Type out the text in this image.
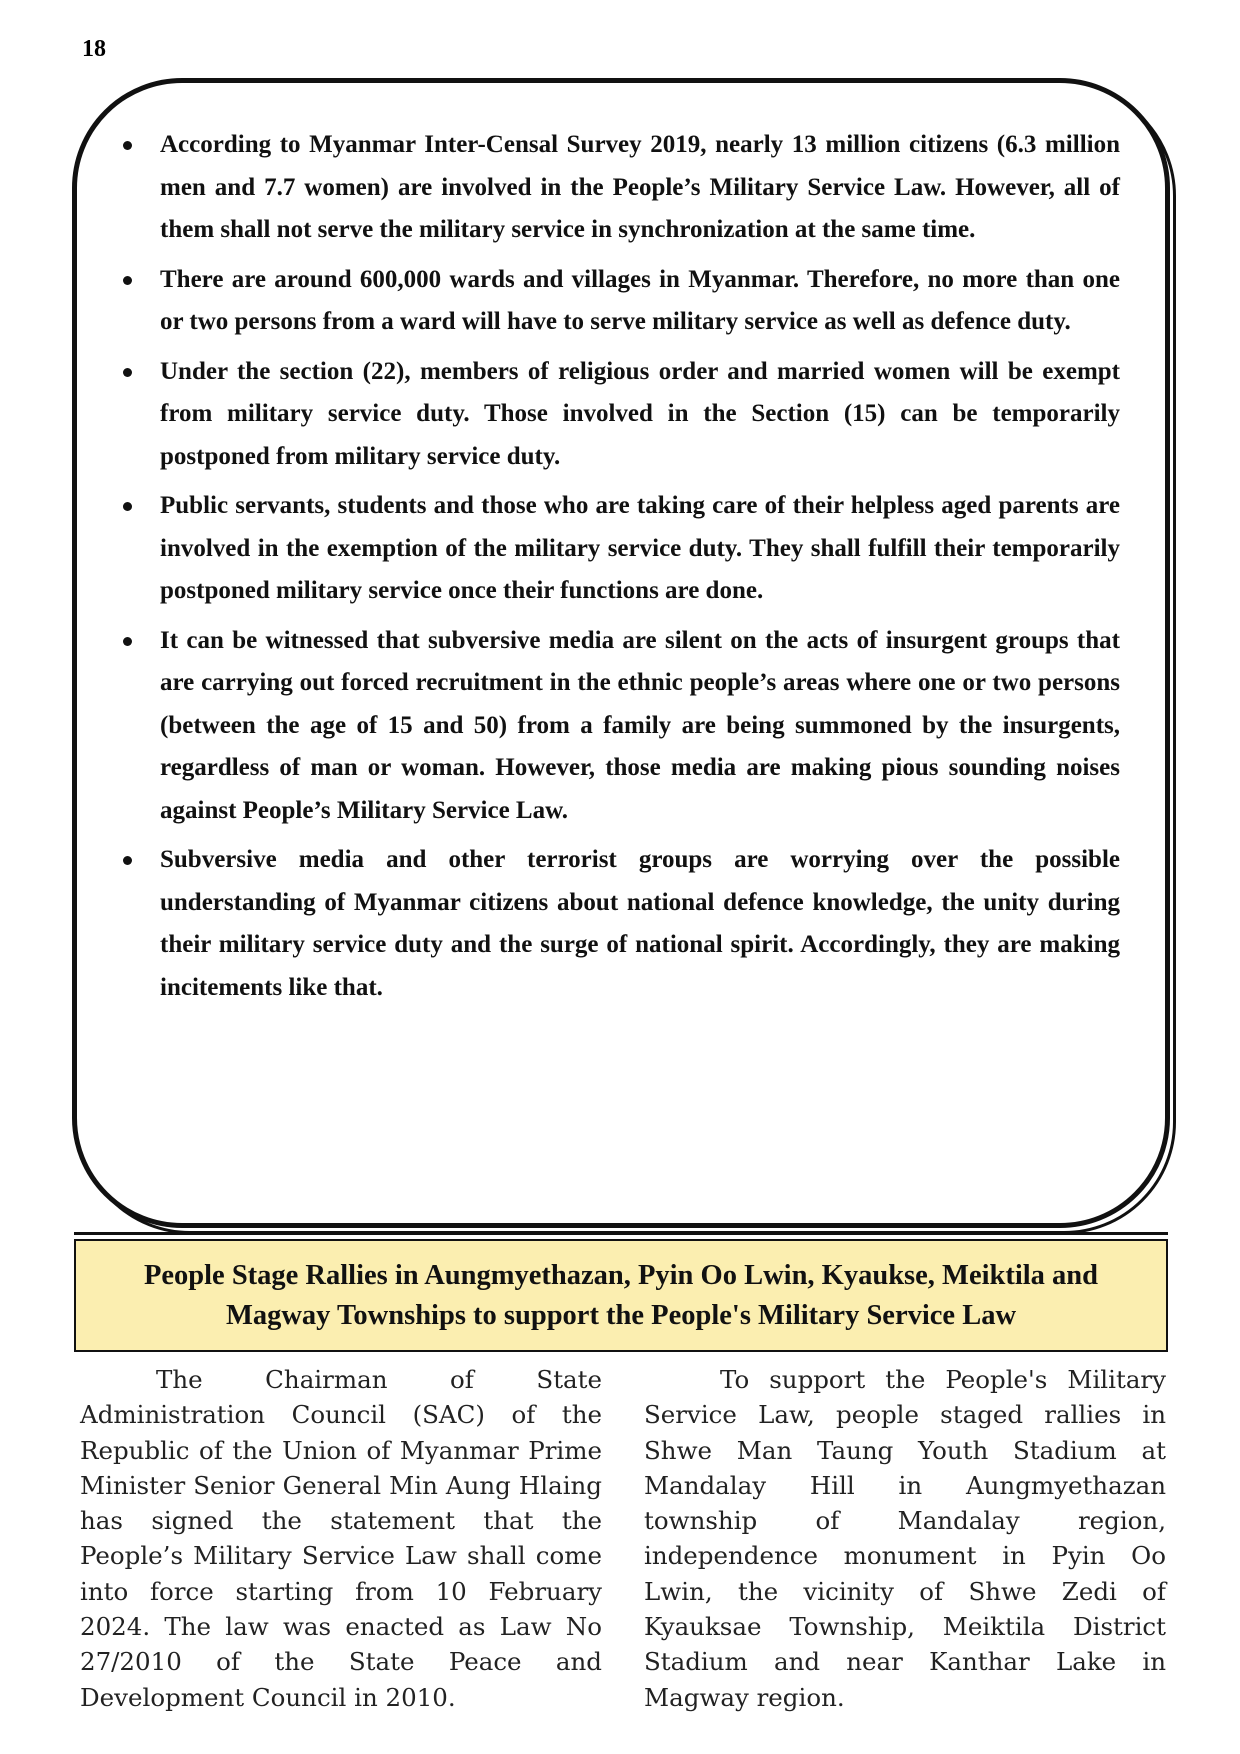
18
According to Myanmar Inter-Censal Survey 2019, nearly 13 million citizens (6.3 million men and 7.7 women) are involved in the People’s Military Service Law. However, all of them shall not serve the military service in synchronization at the same time.
There are around 600,000 wards and villages in Myanmar. Therefore, no more than one or two persons from a ward will have to serve military service as well as defence duty.
Under the section (22), members of religious order and married women will be exempt from military service duty. Those involved in the Section (15) can be temporarily postponed from military service duty.
Public servants, students and those who are taking care of their helpless aged parents are involved in the exemption of the military service duty. They shall fulfill their temporarily postponed military service once their functions are done.
It can be witnessed that subversive media are silent on the acts of insurgent groups that are carrying out forced recruitment in the ethnic people’s areas where one or two persons (between the age of 15 and 50) from a family are being summoned by the insurgents, regardless of man or woman. However, those media are making pious sounding noises against People’s Military Service Law.
Subversive media and other terrorist groups are worrying over the possible understanding of Myanmar citizens about national defence knowledge, the unity during their military service duty and the surge of national spirit. Accordingly, they are making incitements like that.
People Stage Rallies in Aungmyethazan, Pyin Oo Lwin, Kyaukse, Meiktila and
Magway Townships to support the People's Military Service Law

The Chairman of State Administration Council (SAC) of the Republic of the Union of Myanmar Prime Minister Senior General Min Aung Hlaing has signed the statement that the People’s Military Service Law shall come into force starting from 10 February 2024. The law was enacted as Law No 27/2010 of the State Peace and Development Council in 2010.

To support the People's Military Service Law, people staged rallies in Shwe Man Taung Youth Stadium at Mandalay Hill in Aungmyethazan township of Mandalay region, independence monument in Pyin Oo Lwin, the vicinity of Shwe Zedi of Kyauksae Township, Meiktila District Stadium and near Kanthar Lake in Magway region.
